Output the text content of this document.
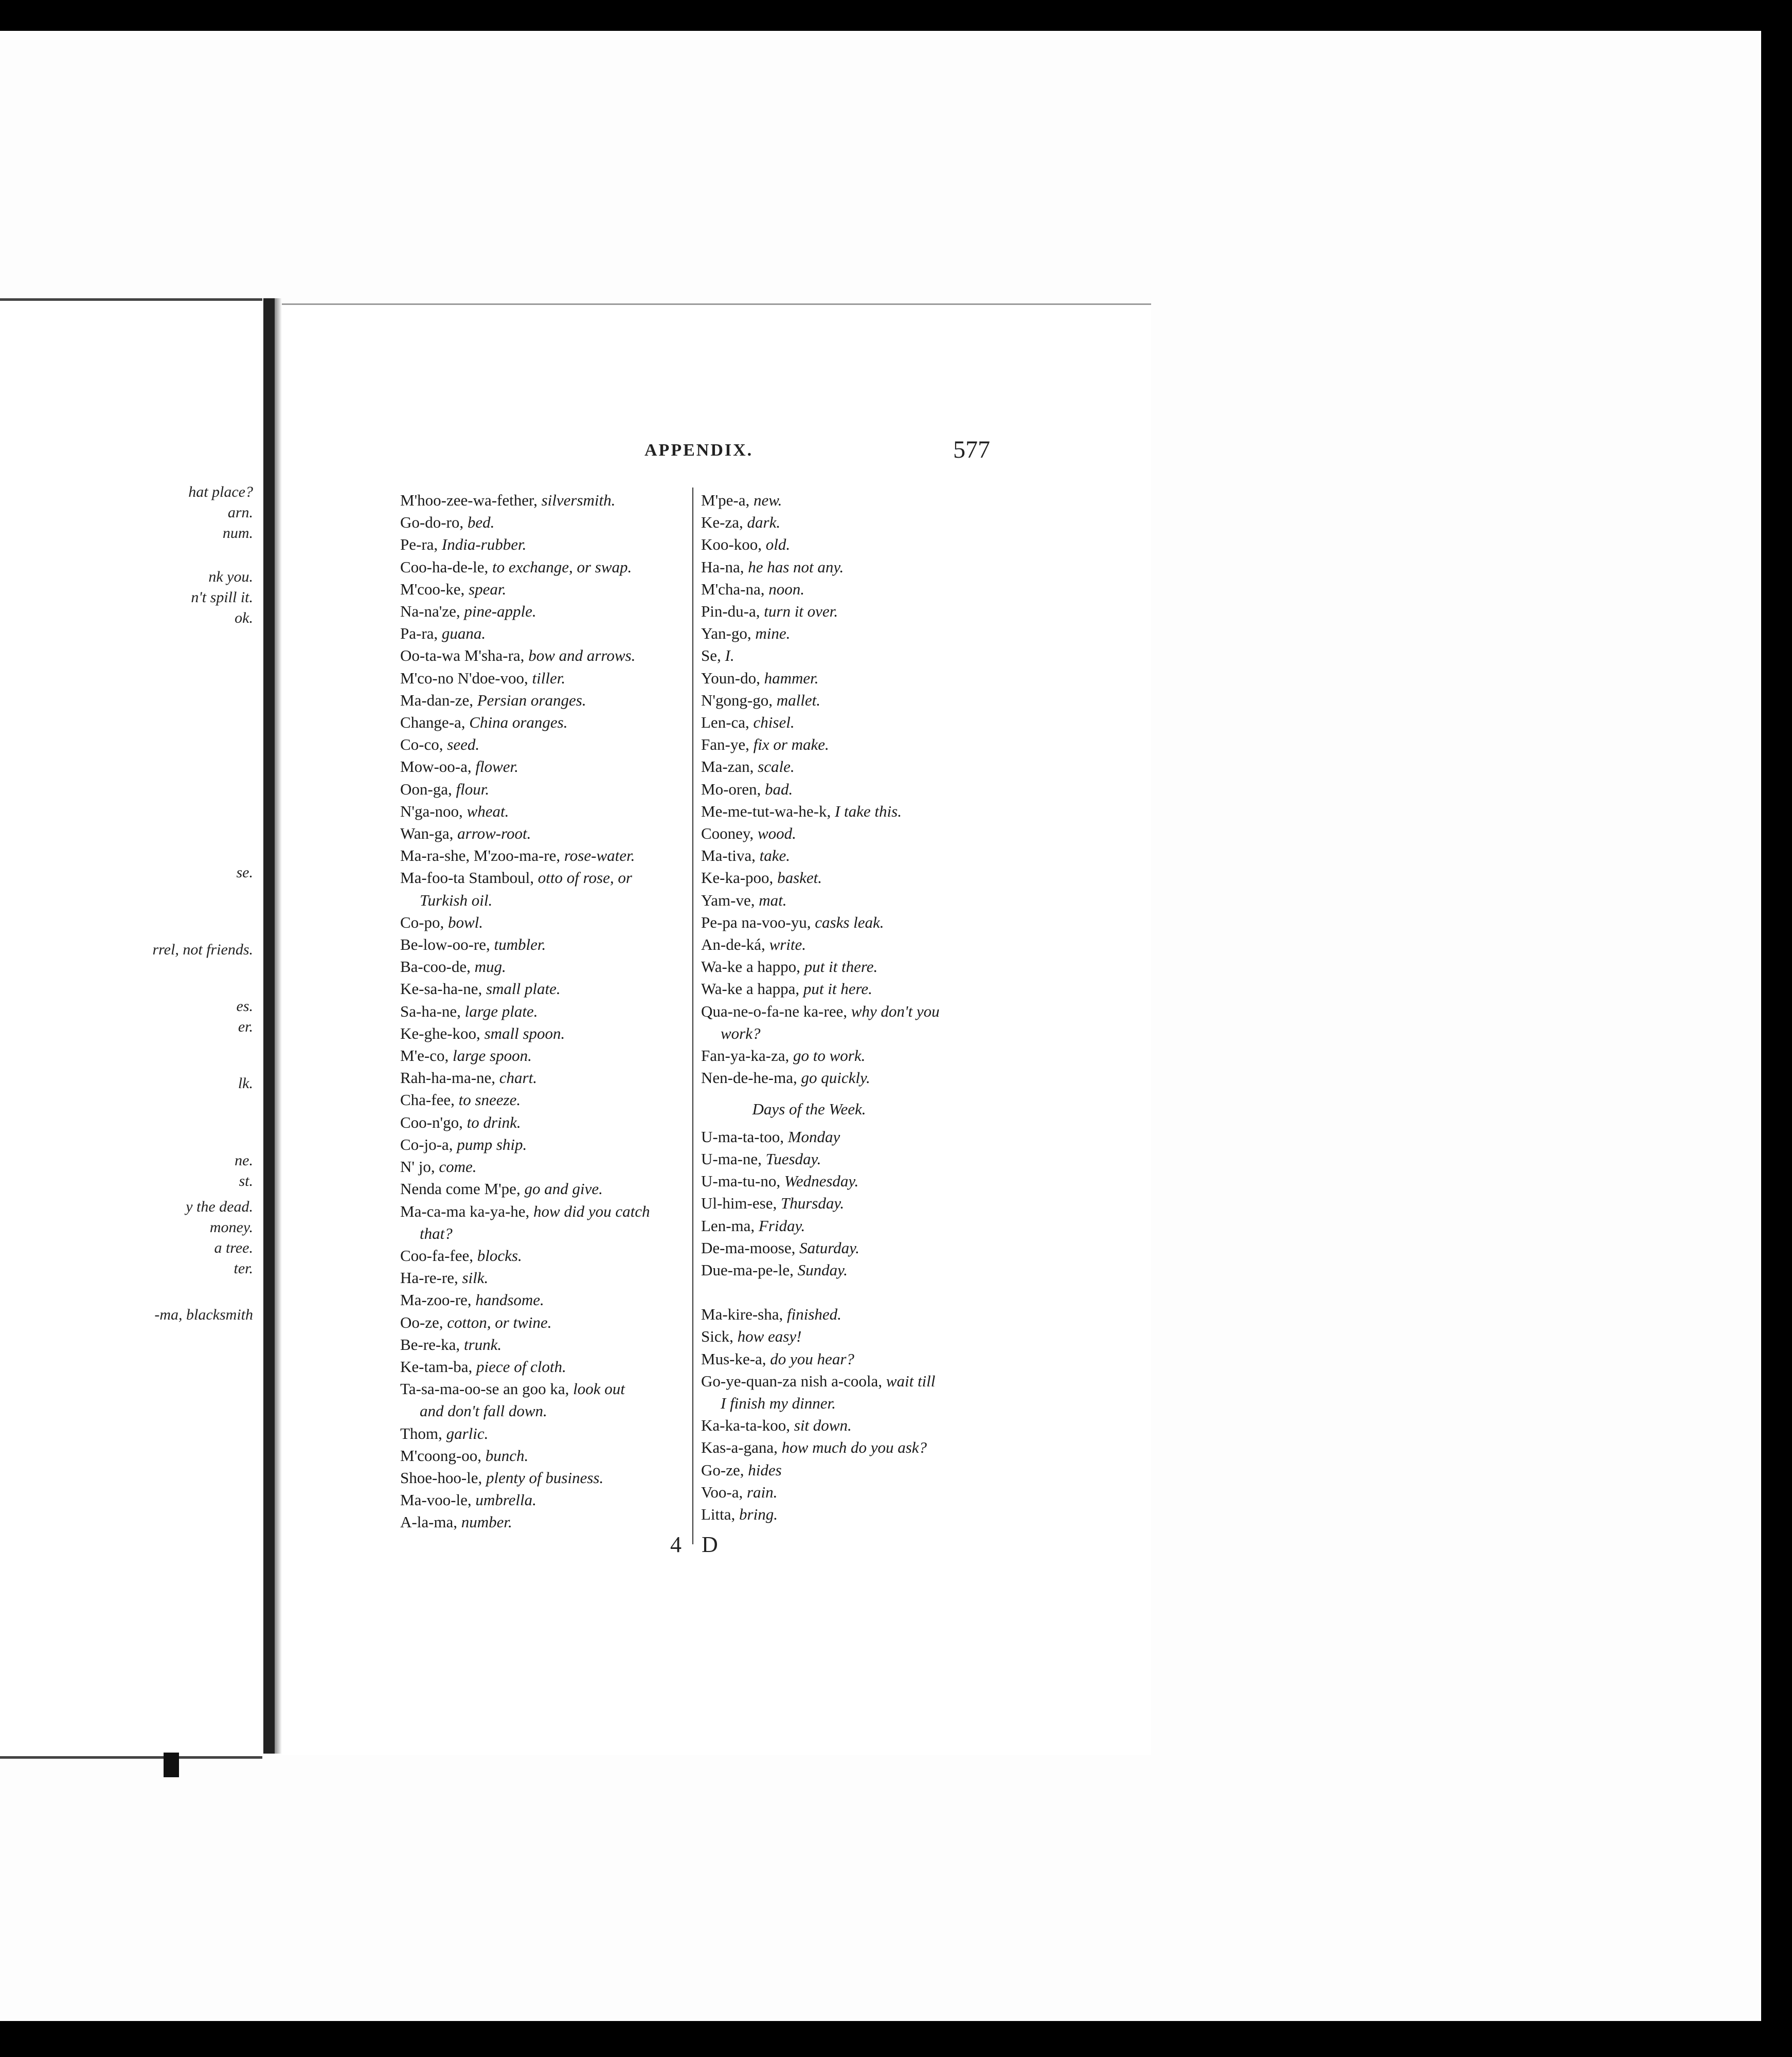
hat place?
arn.
num.
nk you.
n't spill it.
ok.
se.
rrel, not friends.
es.
er.
lk.
ne.
st.
y the dead.
money.
a tree.
ter.
-ma, blacksmith
APPENDIX.	577
M'hoo-zee-wa-fether, silversmith.
Go-do-ro, bed.
Pe-ra, India-rubber.
Coo-ha-de-le, to exchange, or swap.
M'coo-ke, spear.
Na-na'ze, pine-apple.
Pa-ra, guana.
Oo-ta-wa M'sha-ra, bow and arrows.
M'co-no N'doe-voo, tiller.
Ma-dan-ze, Persian oranges.
Change-a, China oranges.
Co-co, seed.
Mow-oo-a, flower.
Oon-ga, flour.
N'ga-noo, wheat.
Wan-ga, arrow-root.
Ma-ra-she, M'zoo-ma-re, rose-water.
Ma-foo-ta Stamboul, otto of rose, or
Turkish oil.
Co-po, bowl.
Be-low-oo-re, tumbler.
Ba-coo-de, mug.
Ke-sa-ha-ne, small plate.
Sa-ha-ne, large plate.
Ke-ghe-koo, small spoon.
M'e-co, large spoon.
Rah-ha-ma-ne, chart.
Cha-fee, to sneeze.
Coo-n'go, to drink.
Co-jo-a, pump ship.
N' jo, come.
Nenda come M'pe, go and give.
Ma-ca-ma ka-ya-he, how did you catch
that?
Coo-fa-fee, blocks.
Ha-re-re, silk.
Ma-zoo-re, handsome.
Oo-ze, cotton, or twine.
Be-re-ka, trunk.
Ke-tam-ba, piece of cloth.
Ta-sa-ma-oo-se an goo ka, look out
and don't fall down.
Thom, garlic.
M'coong-oo, bunch.
Shoe-hoo-le, plenty of business.
Ma-voo-le, umbrella.
A-la-ma, number.
M'pe-a, new.
Ke-za, dark.
Koo-koo, old.
Ha-na, he has not any.
M'cha-na, noon.
Pin-du-a, turn it over.
Yan-go, mine.
Se, I.
Youn-do, hammer.
N'gong-go, mallet.
Len-ca, chisel.
Fan-ye, fix or make.
Ma-zan, scale.
Mo-oren, bad.
Me-me-tut-wa-he-k, I take this.
Cooney, wood.
Ma-tiva, take.
Ke-ka-poo, basket.
Yam-ve, mat.
Pe-pa na-voo-yu, casks leak.
An-de-ká, write.
Wa-ke a happo, put it there.
Wa-ke a happa, put it here.
Qua-ne-o-fa-ne ka-ree, why don't you
work?
Fan-ya-ka-za, go to work.
Nen-de-he-ma, go quickly.
Days of the Week.
U-ma-ta-too, Monday
U-ma-ne, Tuesday.
U-ma-tu-no, Wednesday.
Ul-him-ese, Thursday.
Len-ma, Friday.
De-ma-moose, Saturday.
Due-ma-pe-le, Sunday.
Ma-kire-sha, finished.
Sick, how easy!
Mus-ke-a, do you hear?
Go-ye-quan-za nish a-coola, wait till
I finish my dinner.
Ka-ka-ta-koo, sit down.
Kas-a-gana, how much do you ask?
Go-ze, hides
Voo-a, rain.
Litta, bring.
4 D
